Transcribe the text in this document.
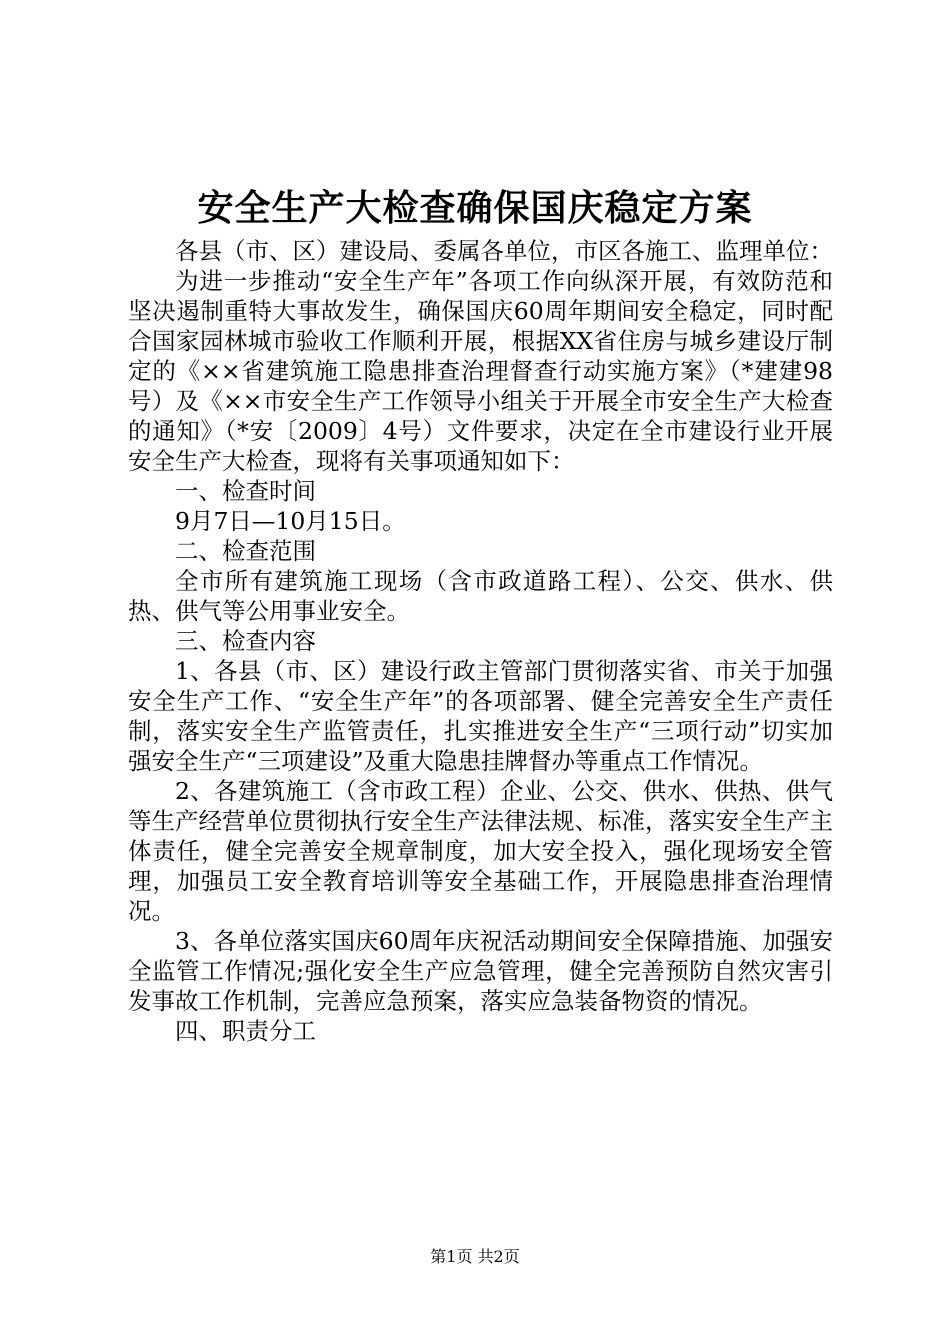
安全生产大检查确保国庆稳定方案

各县（市、区）建设局、委属各单位，市区各施工、监理单位：

为进一步推动“安全生产年”各项工作向纵深开展，有效防范和坚决遏制重特大事故发生，确保国庆60周年期间安全稳定，同时配合国家园林城市验收工作顺利开展，根据XX省住房与城乡建设厅制定的《××省建筑施工隐患排查治理督查行动实施方案》（*建建98号）及《××市安全生产工作领导小组关于开展全市安全生产大检查的通知》（*安〔2009〕4号）文件要求，决定在全市建设行业开展安全生产大检查，现将有关事项通知如下：

一、检查时间

9月7日—10月15日。

二、检查范围

全市所有建筑施工现场（含市政道路工程）、公交、供水、供热、供气等公用事业安全。

三、检查内容

1、各县（市、区）建设行政主管部门贯彻落实省、市关于加强安全生产工作、“安全生产年”的各项部署、健全完善安全生产责任制，落实安全生产监管责任，扎实推进安全生产“三项行动”切实加强安全生产“三项建设”及重大隐患挂牌督办等重点工作情况。

2、各建筑施工（含市政工程）企业、公交、供水、供热、供气等生产经营单位贯彻执行安全生产法律法规、标准，落实安全生产主体责任，健全完善安全规章制度，加大安全投入，强化现场安全管理，加强员工安全教育培训等安全基础工作，开展隐患排查治理情况。

3、各单位落实国庆60周年庆祝活动期间安全保障措施、加强安全监管工作情况;强化安全生产应急管理，健全完善预防自然灾害引发事故工作机制，完善应急预案，落实应急装备物资的情况。

四、职责分工

第1页 共2页
